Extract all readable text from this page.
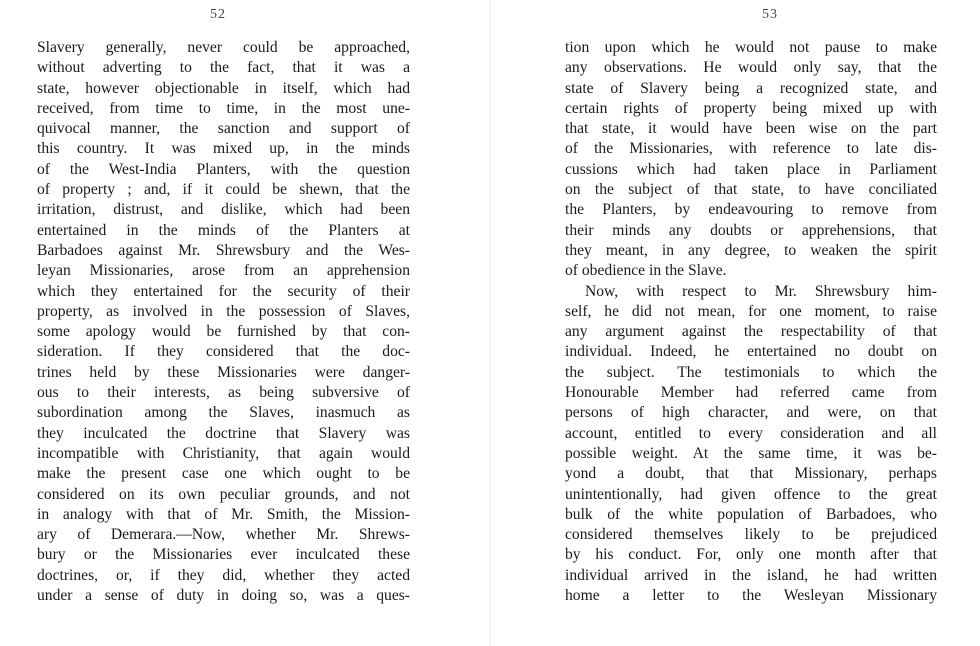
52
Slavery generally, never could be approached,
without adverting to the fact, that it was a
state, however objectionable in itself, which had
received, from time to time, in the most une-
quivocal manner, the sanction and support of
this country. It was mixed up, in the minds
of the West-India Planters, with the question
of property ; and, if it could be shewn, that the
irritation, distrust, and dislike, which had been
entertained in the minds of the Planters at
Barbadoes against Mr. Shrewsbury and the Wes-
leyan Missionaries, arose from an apprehension
which they entertained for the security of their
property, as involved in the possession of Slaves,
some apology would be furnished by that con-
sideration. If they considered that the doc-
trines held by these Missionaries were danger-
ous to their interests, as being subversive of
subordination among the Slaves, inasmuch as
they inculcated the doctrine that Slavery was
incompatible with Christianity, that again would
make the present case one which ought to be
considered on its own peculiar grounds, and not
in analogy with that of Mr. Smith, the Mission-
ary of Demerara.—Now, whether Mr. Shrews-
bury or the Missionaries ever inculcated these
doctrines, or, if they did, whether they acted
under a sense of duty in doing so, was a ques-
53
tion upon which he would not pause to make
any observations. He would only say, that the
state of Slavery being a recognized state, and
certain rights of property being mixed up with
that state, it would have been wise on the part
of the Missionaries, with reference to late dis-
cussions which had taken place in Parliament
on the subject of that state, to have conciliated
the Planters, by endeavouring to remove from
their minds any doubts or apprehensions, that
they meant, in any degree, to weaken the spirit
of obedience in the Slave.
Now, with respect to Mr. Shrewsbury him-
self, he did not mean, for one moment, to raise
any argument against the respectability of that
individual. Indeed, he entertained no doubt on
the subject. The testimonials to which the
Honourable Member had referred came from
persons of high character, and were, on that
account, entitled to every consideration and all
possible weight. At the same time, it was be-
yond a doubt, that that Missionary, perhaps
unintentionally, had given offence to the great
bulk of the white population of Barbadoes, who
considered themselves likely to be prejudiced
by his conduct. For, only one month after that
individual arrived in the island, he had written
home a letter to the Wesleyan Missionary
